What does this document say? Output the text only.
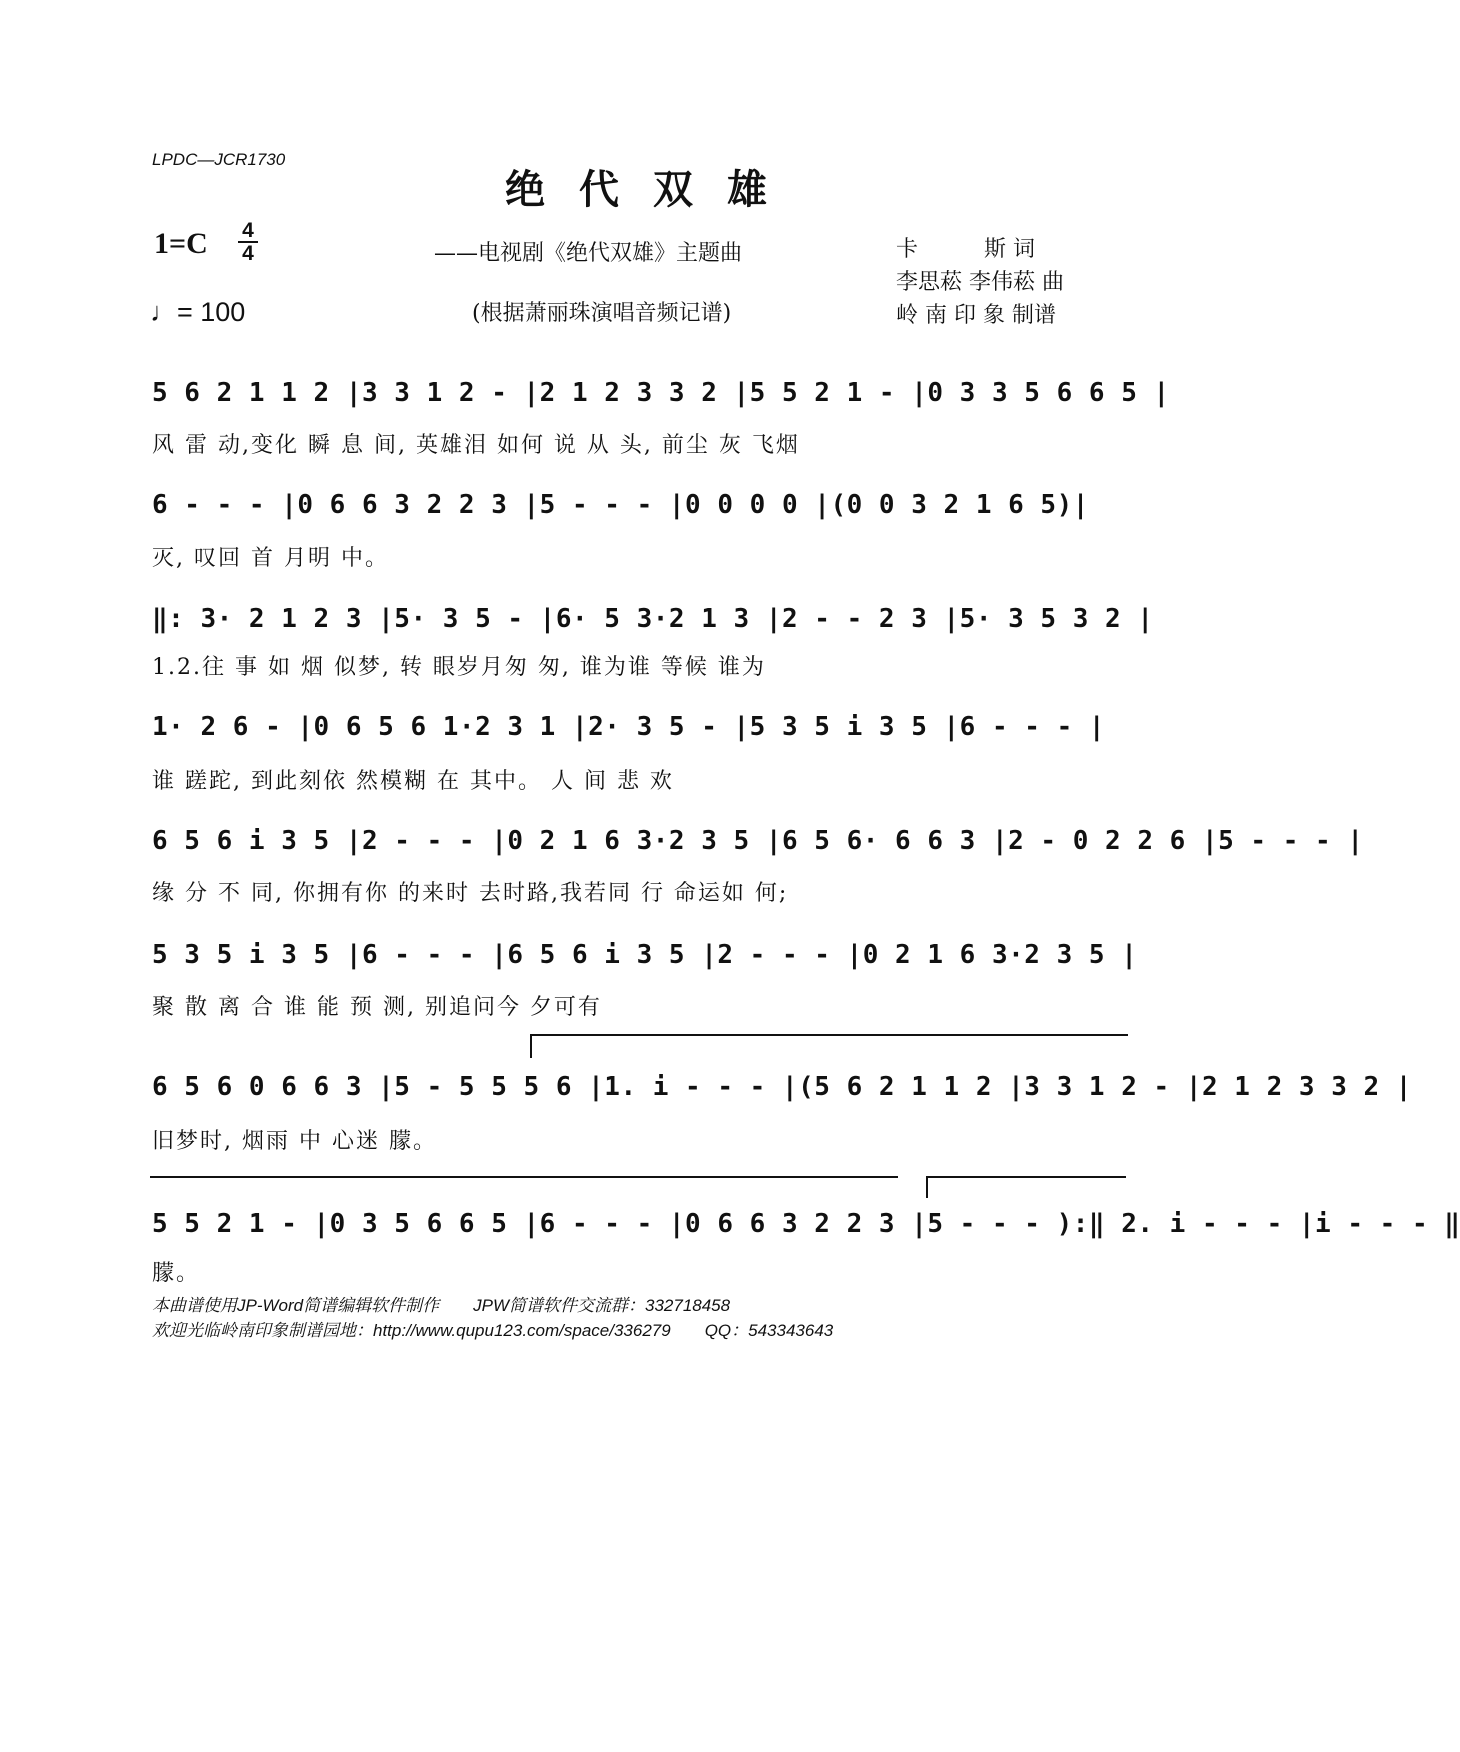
LPDC—JCR1730
绝代双雄
1=C 4
4
♩= 100
——电视剧《绝代双雄》主题曲
(根据萧丽珠演唱音频记谱)
卡　　　斯 词
李思菘 李伟菘 曲
岭 南 印 象 制谱
5 6 2 1 1 2 |3 3 1 2 - |2 1 2 3 3 2 |5 5 2 1 - |0 3 3 5 6 6 5 |
风 雷 动,变化 瞬 息 间, 英雄泪 如何 说 从 头, 前尘 灰 飞烟
6 - - - |0 6 6 3 2 2 3 |5 - - - |0 0 0 0 |(0 0 3 2 1 6 5)|
灭, 叹回 首 月明 中。
‖: 3· 2 1 2 3 |5· 3 5 - |6· 5 3·2 1 3 |2 - - 2 3 |5· 3 5 3 2 |
1.2.往 事 如 烟 似梦, 转 眼岁月匆 匆, 谁为谁 等候 谁为
1· 2 6 - |0 6 5 6 1·2 3 1 |2· 3 5 - |5 3 5 i 3 5 |6 - - - |
谁 蹉跎, 到此刻依 然模糊 在 其中。 人 间 悲 欢
6 5 6 i 3 5 |2 - - - |0 2 1 6 3·2 3 5 |6 5 6· 6 6 3 |2 - 0 2 2 6 |5 - - - |
缘 分 不 同, 你拥有你 的来时 去时路,我若同 行 命运如 何;
5 3 5 i 3 5 |6 - - - |6 5 6 i 3 5 |2 - - - |0 2 1 6 3·2 3 5 |
聚 散 离 合 谁 能 预 测, 别追问今 夕可有
6 5 6 0 6 6 3 |5 - 5 5 5 6 |1. i - - - |(5 6 2 1 1 2 |3 3 1 2 - |2 1 2 3 3 2 |
旧梦时, 烟雨 中 心迷 朦。
5 5 2 1 - |0 3 5 6 6 5 |6 - - - |0 6 6 3 2 2 3 |5 - - - ):‖ 2. i - - - |i - - - ‖
朦。
本曲谱使用JP-Word简谱编辑软件制作　　JPW简谱软件交流群：332718458
欢迎光临岭南印象制谱园地：http://www.qupu123.com/space/336279　　QQ：543343643
